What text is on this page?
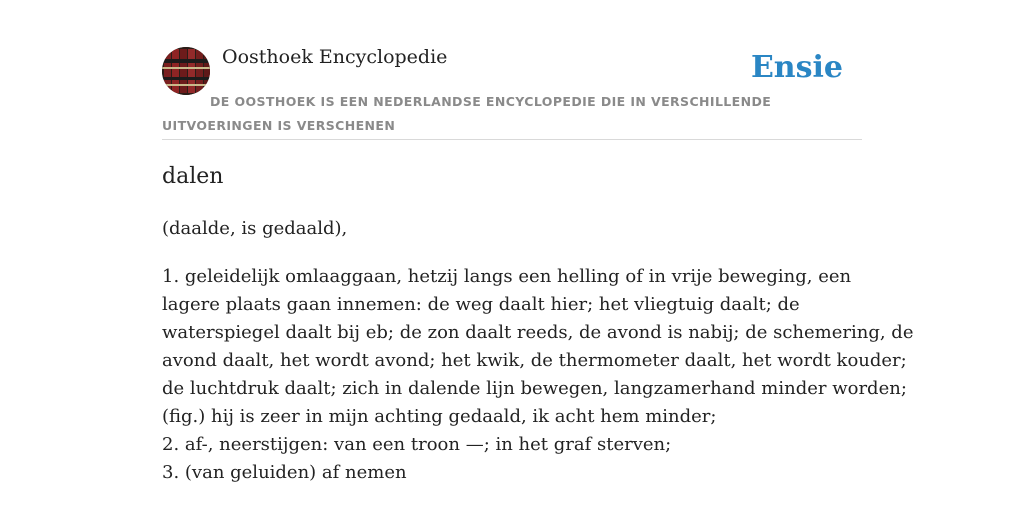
Oosthoek Encyclopedie	Ensie
DE OOSTHOEK IS EEN NEDERLANDSE ENCYCLOPEDIE DIE IN VERSCHILLENDE UITVOERINGEN IS VERSCHENEN
dalen
(daalde, is gedaald),
1. geleidelijk omlaaggaan, hetzij langs een helling of in vrije beweging, een
lagere plaats gaan innemen: de weg daalt hier; het vliegtuig daalt; de
waterspiegel daalt bij eb; de zon daalt reeds, de avond is nabij; de schemering, de
avond daalt, het wordt avond; het kwik, de thermometer daalt, het wordt kouder;
de luchtdruk daalt; zich in dalende lijn bewegen, langzamerhand minder worden;
(fig.) hij is zeer in mijn achting gedaald, ik acht hem minder;
2. af-, neerstijgen: van een troon —; in het graf sterven;
3. (van geluiden) af nemen
